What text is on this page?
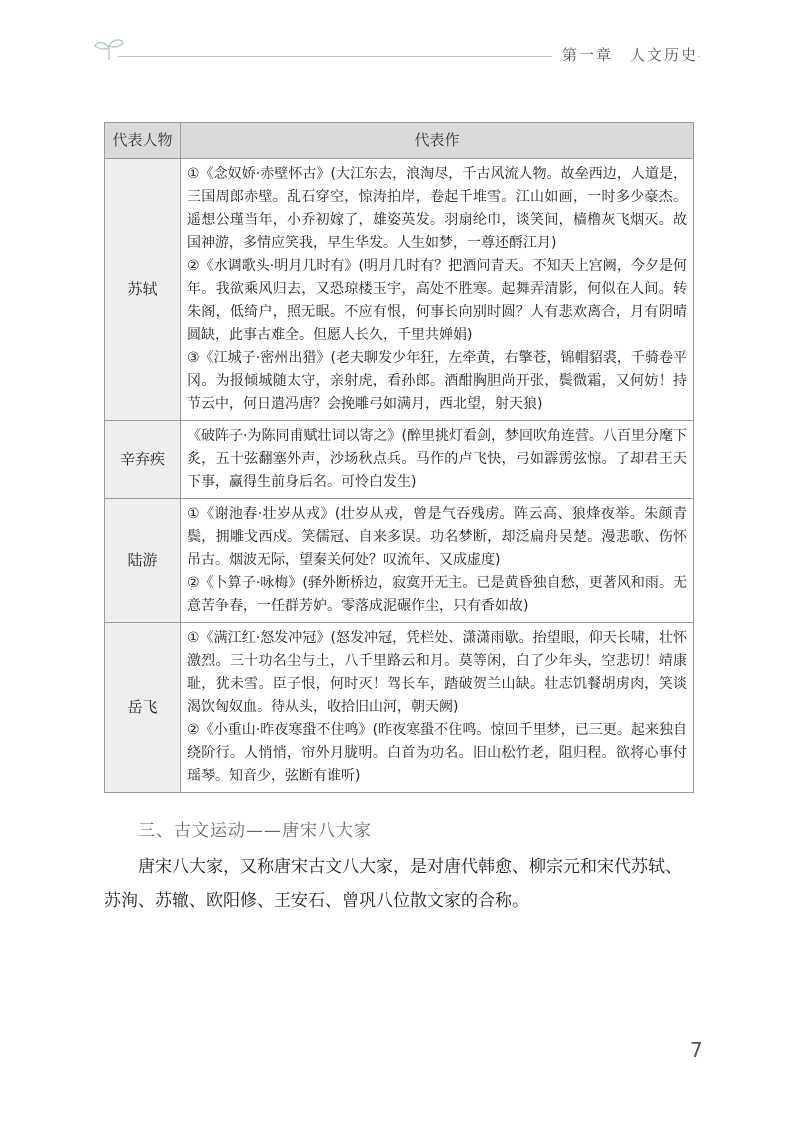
第一章　人文历史
代表人物	代表作
苏轼	①《念奴娇·赤壁怀古》(大江东去，浪淘尽，千古风流人物。故垒西边，人道是，三国周郎赤壁。乱石穿空，惊涛拍岸，卷起千堆雪。江山如画，一时多少豪杰。遥想公瑾当年，小乔初嫁了，雄姿英发。羽扇纶巾，谈笑间，樯橹灰飞烟灭。故国神游，多情应笑我，早生华发。人生如梦，一尊还酹江月)
②《水调歌头·明月几时有》(明月几时有？把酒问青天。不知天上宫阙，今夕是何年。我欲乘风归去，又恐琼楼玉宇，高处不胜寒。起舞弄清影，何似在人间。转朱阁，低绮户，照无眠。不应有恨，何事长向别时圆？人有悲欢离合，月有阴晴圆缺，此事古难全。但愿人长久，千里共婵娟)
③《江城子·密州出猎》(老夫聊发少年狂，左牵黄，右擎苍，锦帽貂裘，千骑卷平冈。为报倾城随太守，亲射虎，看孙郎。酒酣胸胆尚开张，鬓微霜，又何妨！持节云中，何日遣冯唐？会挽雕弓如满月，西北望，射天狼)
辛弃疾	《破阵子·为陈同甫赋壮词以寄之》(醉里挑灯看剑，梦回吹角连营。八百里分麾下炙，五十弦翻塞外声，沙场秋点兵。马作的卢飞快，弓如霹雳弦惊。了却君王天下事，赢得生前身后名。可怜白发生)
陆游	①《谢池春·壮岁从戎》(壮岁从戎，曾是气吞残虏。阵云高、狼烽夜举。朱颜青鬓，拥雕戈西戍。笑儒冠、自来多误。功名梦断，却泛扁舟吴楚。漫悲歌、伤怀吊古。烟波无际，望秦关何处？叹流年、又成虚度)
②《卜算子·咏梅》(驿外断桥边，寂寞开无主。已是黄昏独自愁，更著风和雨。无意苦争春，一任群芳妒。零落成泥碾作尘，只有香如故)
岳飞	①《满江红·怒发冲冠》(怒发冲冠，凭栏处、潇潇雨歇。抬望眼，仰天长啸，壮怀激烈。三十功名尘与土，八千里路云和月。莫等闲，白了少年头，空悲切！靖康耻，犹未雪。臣子恨，何时灭！驾长车，踏破贺兰山缺。壮志饥餐胡虏肉，笑谈渴饮匈奴血。待从头，收拾旧山河，朝天阙)
②《小重山·昨夜寒蛩不住鸣》(昨夜寒蛩不住鸣。惊回千里梦，已三更。起来独自绕阶行。人悄悄，帘外月胧明。白首为功名。旧山松竹老，阻归程。欲将心事付瑶琴。知音少，弦断有谁听)
三、古文运动——唐宋八大家

唐宋八大家，又称唐宋古文八大家，是对唐代韩愈、柳宗元和宋代苏轼、苏洵、苏辙、欧阳修、王安石、曾巩八位散文家的合称。

7
